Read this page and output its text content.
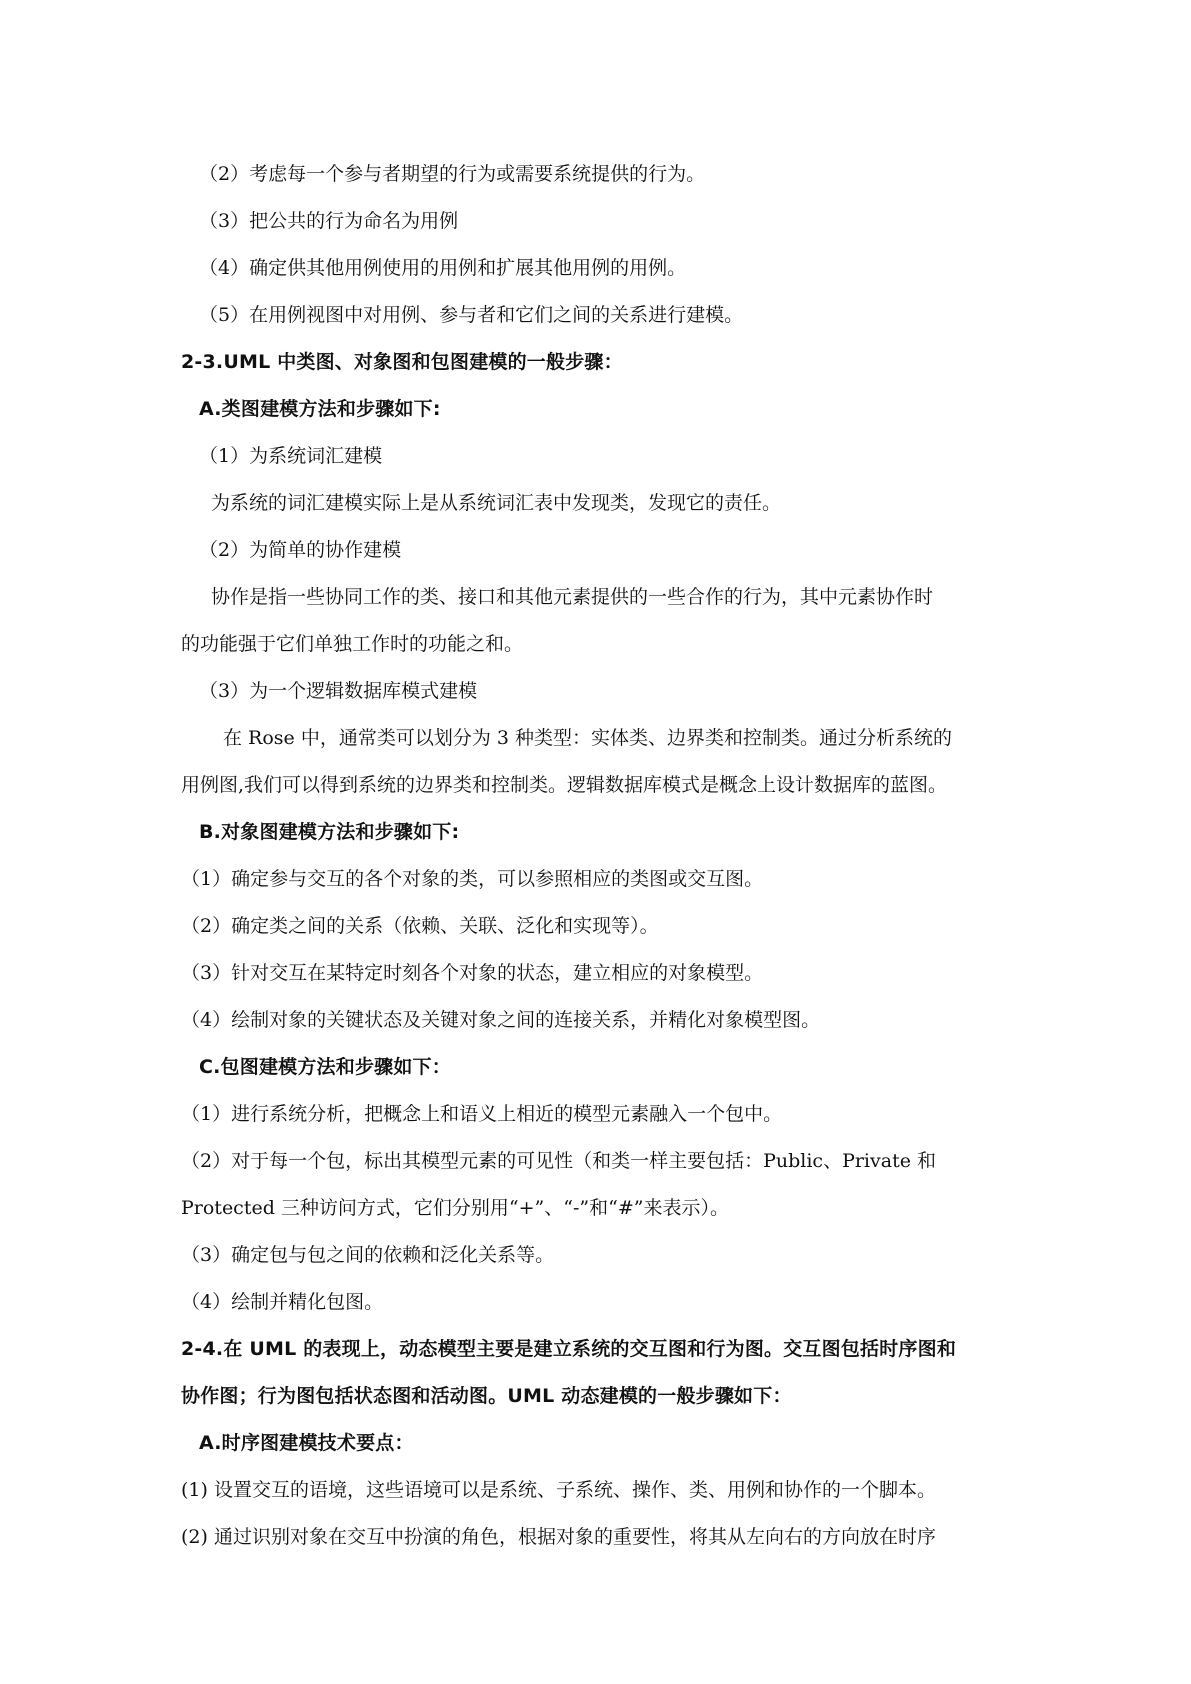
（2）考虑每一个参与者期望的行为或需要系统提供的行为。
（3）把公共的行为命名为用例
（4）确定供其他用例使用的用例和扩展其他用例的用例。
（5）在用例视图中对用例、参与者和它们之间的关系进行建模。
2-3.UML 中类图、对象图和包图建模的一般步骤：
A.类图建模方法和步骤如下:
（1）为系统词汇建模
为系统的词汇建模实际上是从系统词汇表中发现类，发现它的责任。
（2）为简单的协作建模
协作是指一些协同工作的类、接口和其他元素提供的一些合作的行为，其中元素协作时
的功能强于它们单独工作时的功能之和。
（3）为一个逻辑数据库模式建模
在 Rose 中，通常类可以划分为 3 种类型：实体类、边界类和控制类。通过分析系统的
用例图,我们可以得到系统的边界类和控制类。逻辑数据库模式是概念上设计数据库的蓝图。
B.对象图建模方法和步骤如下:
（1）确定参与交互的各个对象的类，可以参照相应的类图或交互图。
（2）确定类之间的关系（依赖、关联、泛化和实现等）。
（3）针对交互在某特定时刻各个对象的状态，建立相应的对象模型。
（4）绘制对象的关键状态及关键对象之间的连接关系，并精化对象模型图。
C.包图建模方法和步骤如下：
（1）进行系统分析，把概念上和语义上相近的模型元素融入一个包中。
（2）对于每一个包，标出其模型元素的可见性（和类一样主要包括：Public、Private 和
Protected 三种访问方式，它们分别用“+”、“-”和“#”来表示）。
（3）确定包与包之间的依赖和泛化关系等。
（4）绘制并精化包图。
2-4.在 UML 的表现上，动态模型主要是建立系统的交互图和行为图。交互图包括时序图和
协作图；行为图包括状态图和活动图。UML 动态建模的一般步骤如下：
A.时序图建模技术要点：
(1) 设置交互的语境，这些语境可以是系统、子系统、操作、类、用例和协作的一个脚本。
(2) 通过识别对象在交互中扮演的角色，根据对象的重要性，将其从左向右的方向放在时序
